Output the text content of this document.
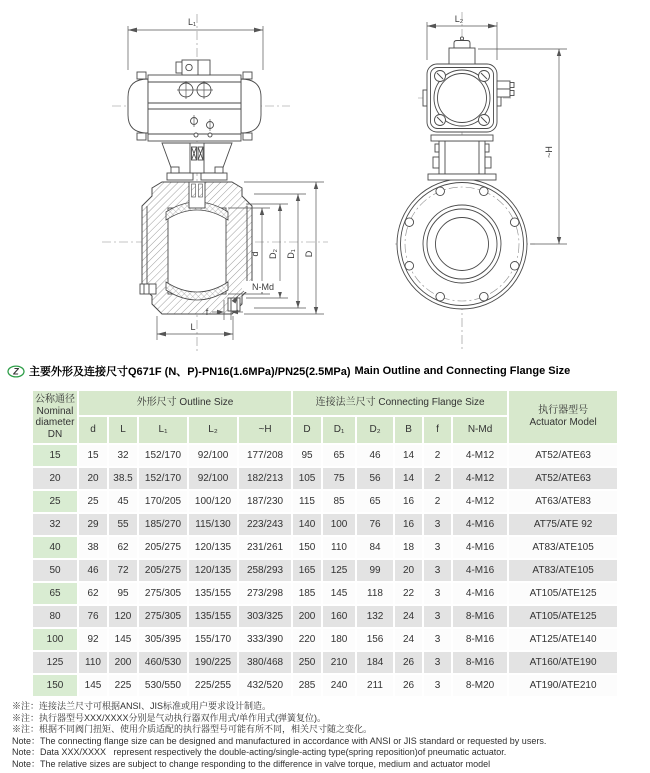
L₁
d D₂ D₁ D
N-Md
f
L
L₂
~H
Z 主要外形及连接尺寸Q671F (N、P)-PN16(1.6MPa)/PN25(2.5MPa) Main Outline and Connecting Flange Size
公称通径
Nominal
diameter
DN
	外形尺寸 Outline Size	连接法兰尺寸 Connecting Flange Size	
执行器型号
Actuator Model

	d	L	L₁	L₂	~H	D	D₁	D₂	B	f	N-Md	
15	15	32	152/170	92/100	177/208	95	65	46	14	2	4-M12	AT52/ATE63
20	20	38.5	152/170	92/100	182/213	105	75	56	14	2	4-M12	AT52/ATE63
25	25	45	170/205	100/120	187/230	115	85	65	16	2	4-M12	AT63/ATE83
32	29	55	185/270	115/130	223/243	140	100	76	16	3	4-M16	AT75/ATE 92
40	38	62	205/275	120/135	231/261	150	110	84	18	3	4-M16	AT83/ATE105
50	46	72	205/275	120/135	258/293	165	125	99	20	3	4-M16	AT83/ATE105
65	62	95	275/305	135/155	273/298	185	145	118	22	3	4-M16	AT105/ATE125
80	76	120	275/305	135/155	303/325	200	160	132	24	3	8-M16	AT105/ATE125
100	92	145	305/395	155/170	333/390	220	180	156	24	3	8-M16	AT125/ATE140
125	110	200	460/530	190/225	380/468	250	210	184	26	3	8-M16	AT160/ATE190
150	145	225	530/550	225/255	432/520	285	240	211	26	3	8-M20	AT190/ATE210
※注：连接法兰尺寸可根据ANSI、JIS标准或用户要求设计制造。
※注：执行器型号XXX/XXXX分别是气动执行器双作用式/单作用式(弹簧复位)。
※注：根据不同阀门扭矩、使用介质适配的执行器型号可能有所不同，相关尺寸随之变化。
Note：The connecting flange size can be designed and manufactured in accordance with ANSI or JIS standard or requested by users.
Note：Data XXX/XXXX   represent respectively the double-acting/single-acting type(spring reposition)of pneumatic actuator.
Note：The relative sizes are subject to change responding to the difference in valve torque, medium and actuator model
